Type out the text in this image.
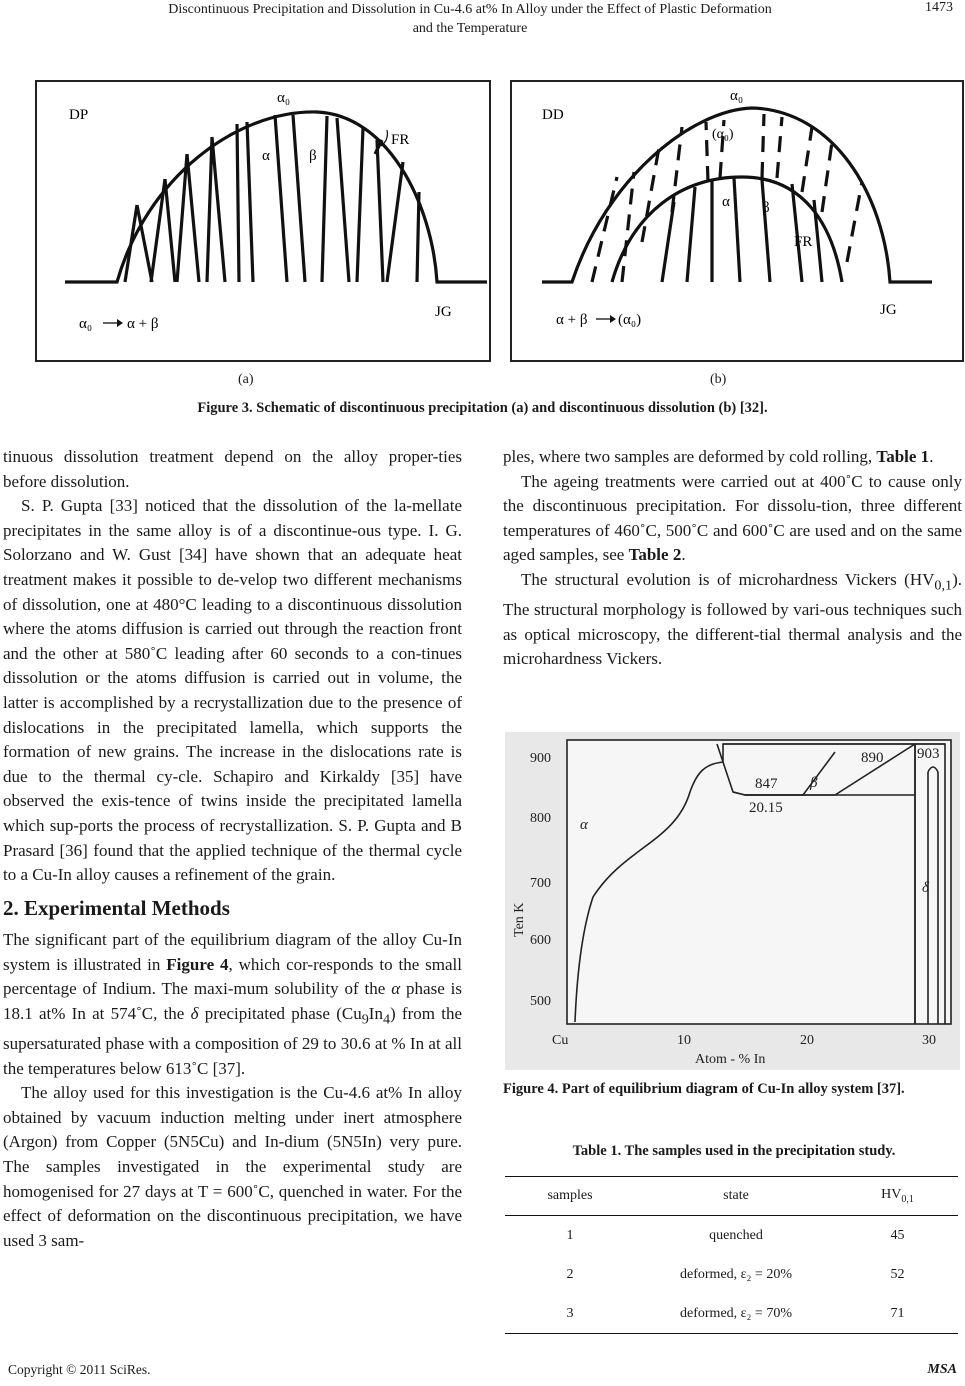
Discontinuous Precipitation and Dissolution in Cu-4.6 at% In Alloy under the Effect of Plastic Deformation
and the Temperature
1473
DP
α₀
α	β
FR
JG
α₀ α + β
(a)
DD
α₀
(α₀)
α β
FR
JG
α + β (α₀)
(b)
Figure 3. Schematic of discontinuous precipitation (a) and discontinuous dissolution (b) [32].

tinuous dissolution treatment depend on the alloy proper-ties before dissolution.

S. P. Gupta [33] noticed that the dissolution of the la-mellate precipitates in the same alloy is of a discontinue-ous type. I. G. Solorzano and W. Gust [34] have shown that an adequate heat treatment makes it possible to de-velop two different mechanisms of dissolution, one at 480°C leading to a discontinuous dissolution where the atoms diffusion is carried out through the reaction front and the other at 580˚C leading after 60 seconds to a con-tinues dissolution or the atoms diffusion is carried out in volume, the latter is accomplished by a recrystallization due to the presence of dislocations in the precipitated lamella, which supports the formation of new grains. The increase in the dislocations rate is due to the thermal cy-cle. Schapiro and Kirkaldy [35] have observed the exis-tence of twins inside the precipitated lamella which sup-ports the process of recrystallization. S. P. Gupta and B Prasard [36] found that the applied technique of the thermal cycle to a Cu-In alloy causes a refinement of the grain.

2. Experimental Methods

The significant part of the equilibrium diagram of the alloy Cu-In system is illustrated in Figure 4, which cor-responds to the small percentage of Indium. The maxi-mum solubility of the α phase is 18.1 at% In at 574˚C, the δ precipitated phase $(Cu_9In_4)$ from the supersaturated phase with a composition of 29 to 30.6 at % In at all the temperatures below 613˚C [37].

The alloy used for this investigation is the Cu-4.6 at% In alloy obtained by vacuum induction melting under inert atmosphere (Argon) from Copper (5N5Cu) and In-dium (5N5In) very pure. The samples investigated in the experimental study are homogenised for 27 days at T = 600˚C, quenched in water. For the effect of deformation on the discontinuous precipitation, we have used 3 sam-

ples, where two samples are deformed by cold rolling, Table 1.

The ageing treatments were carried out at 400˚C to cause only the discontinuous precipitation. For dissolu-tion, three different temperatures of 460˚C, 500˚C and 600˚C are used and on the same aged samples, see Table 2.

The structural evolution is of microhardness Vickers $(HV_{0,1})$. The structural morphology is followed by vari-ous techniques such as optical microscopy, the different-tial thermal analysis and the microhardness Vickers.

900
800
700
600
500
Cu	10	20	30
Atom - % In
Ten K
α
β
δ
847
20.15
890 903
Figure 4. Part of equilibrium diagram of Cu-In alloy system [37].
Table 1. The samples used in the precipitation study.
samples	state	$HV_{0,1}$
1	quenched	45
2	deformed, ε₂ = 20%	52
3	deformed, ε₂ = 70%	71
Copyright © 2011 SciRes.	MSA
